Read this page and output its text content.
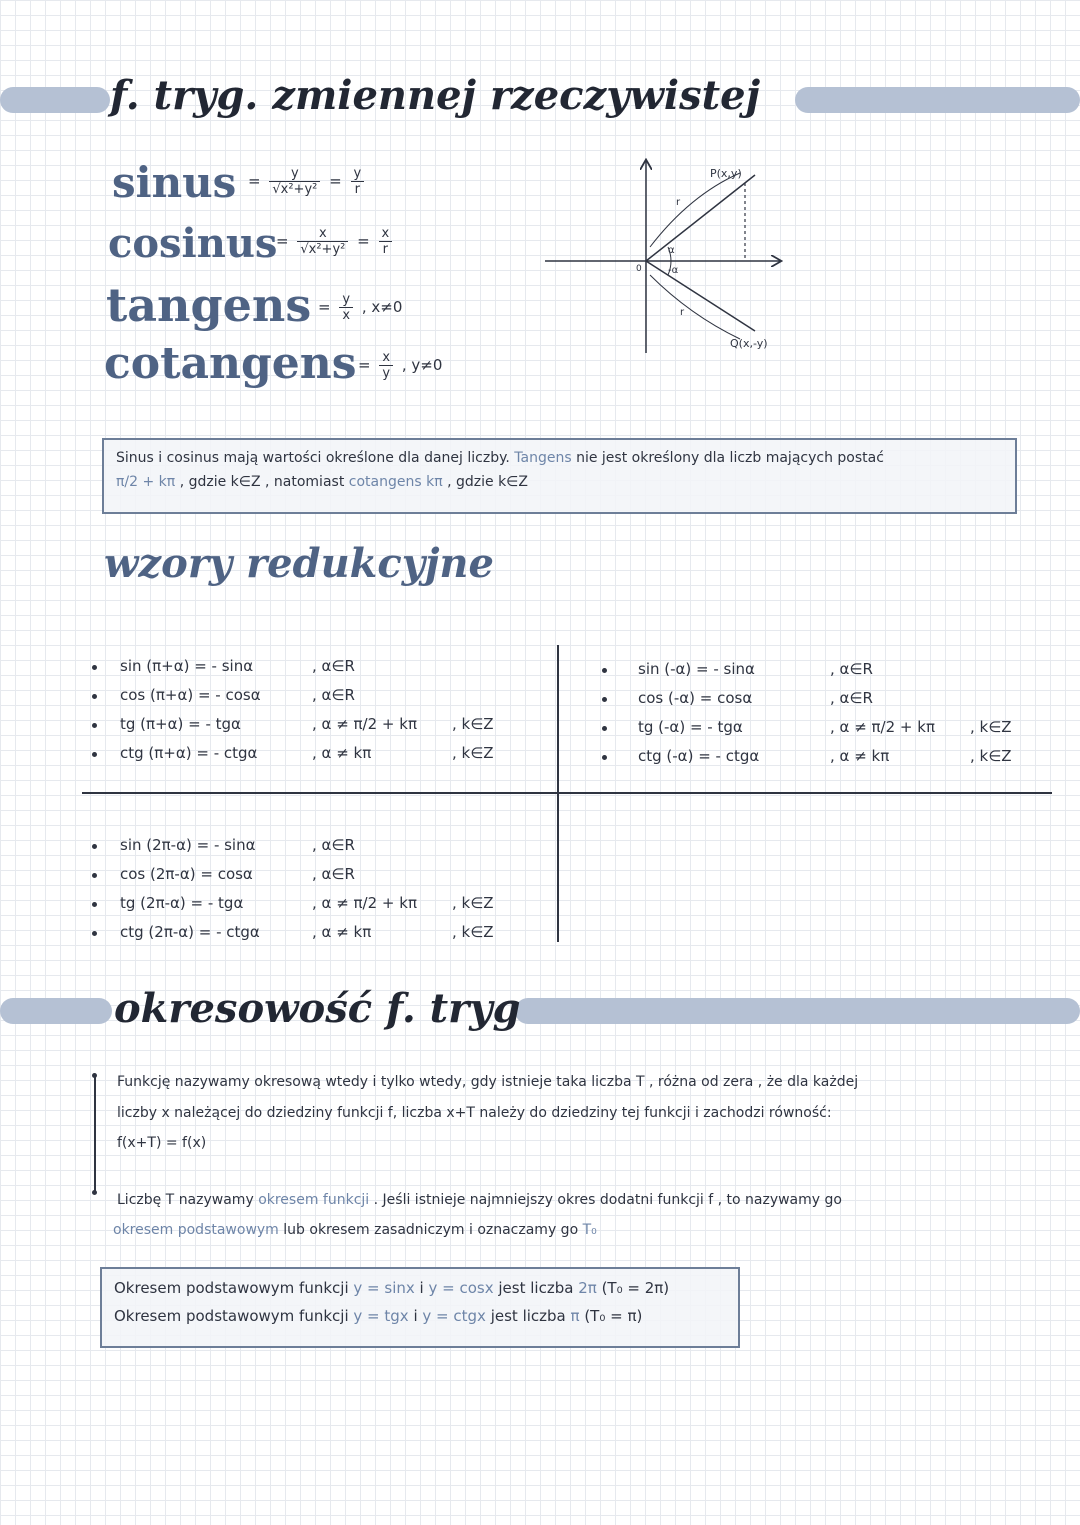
f. tryg. zmiennej rzeczywistej
sinus = $\frac{y}{\text{√x²+y²}} = \frac{y}{r}$
cosinus
= $\frac{x}{\text{√x²+y²}} = \frac{x}{r}$
tangens = $\frac{y}{x}$ , x≠0
cotangens = $\frac{x}{y}$ , y≠0
P(x,y)
Q(x,-y)
0
r
r
α
-α
Sinus i cosinus mają wartości określone dla danej liczby. Tangens nie jest określony dla liczb mających postać
π/2 + kπ , gdzie k∈Z , natomiast cotangens kπ , gdzie k∈Z
wzory redukcyjne
sin (π+α) = - sinα	, α∈R
cos (π+α) = - cosα	, α∈R
tg (π+α) = - tgα	, α ≠ π/2 + kπ , k∈Z
ctg (π+α) = - ctgα	, α ≠ kπ	, k∈Z
sin (-α) = - sinα	, α∈R
cos (-α) = cosα	, α∈R
tg (-α) = - tgα	, α ≠ π/2 + kπ , k∈Z
ctg (-α) = - ctgα	, α ≠ kπ	, k∈Z
sin (2π-α) = - sinα	, α∈R
cos (2π-α) = cosα	, α∈R
tg (2π-α) = - tgα	, α ≠ π/2 + kπ , k∈Z
ctg (2π-α) = - ctgα	, α ≠ kπ	, k∈Z
okresowość f. tryg
Funkcję nazywamy okresową wtedy i tylko wtedy, gdy istnieje taka liczba T , różna od zera , że dla każdej
liczby x należącej do dziedziny funkcji f, liczba x+T należy do dziedziny tej funkcji i zachodzi równość:
f(x+T) = f(x)
Liczbę T nazywamy okresem funkcji . Jeśli istnieje najmniejszy okres dodatni funkcji f , to nazywamy go
okresem podstawowym lub okresem zasadniczym i oznaczamy go T₀
Okresem podstawowym funkcji y = sinx i y = cosx jest liczba 2π (T₀ = 2π)
Okresem podstawowym funkcji y = tgx i y = ctgx jest liczba π (T₀ = π)
